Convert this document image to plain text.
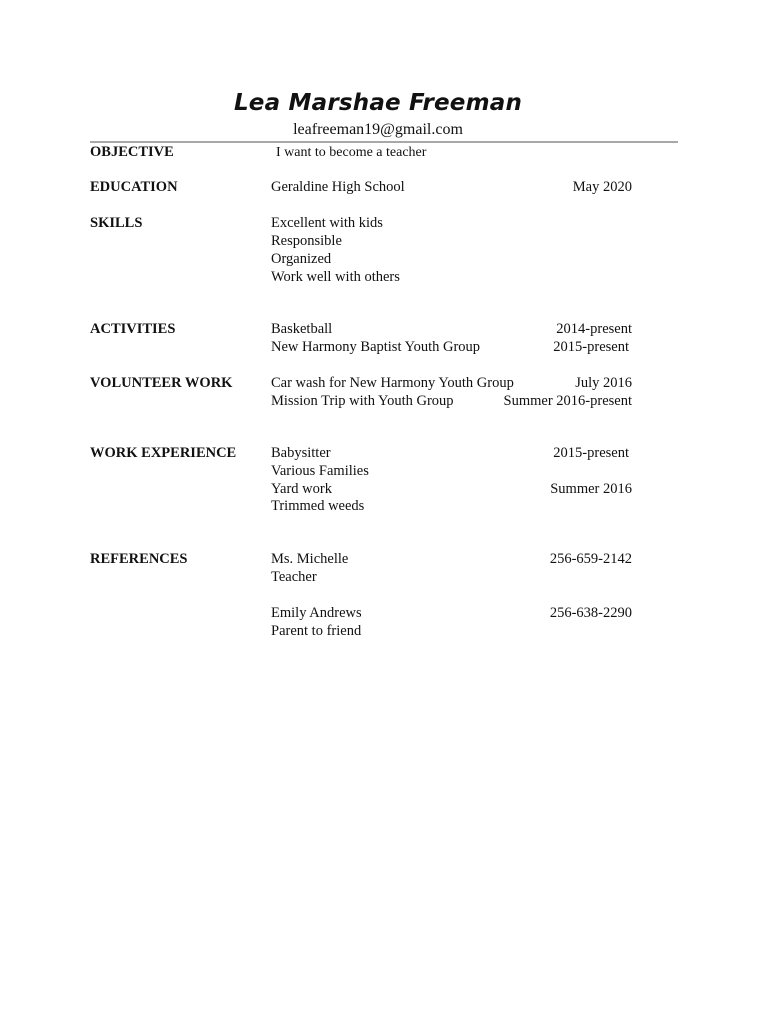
Lea Marshae Freeman
leafreeman19@gmail.com
OBJECTIVE	I want to become a teacher
EDUCATION	Geraldine High School	May 2020
SKILLS	Excellent with kids
Responsible
Organized
Work well with others
ACTIVITIES	Basketball	2014-present
New Harmony Baptist Youth Group	2015-present
VOLUNTEER WORK	Car wash for New Harmony Youth Group	July 2016
Mission Trip with Youth Group	Summer 2016-present
WORK EXPERIENCE Babysitter	2015-present
Various Families
Yard work	Summer 2016
Trimmed weeds
REFERENCES	Ms. Michelle	256-659-2142
Teacher
Emily Andrews	256-638-2290
Parent to friend
